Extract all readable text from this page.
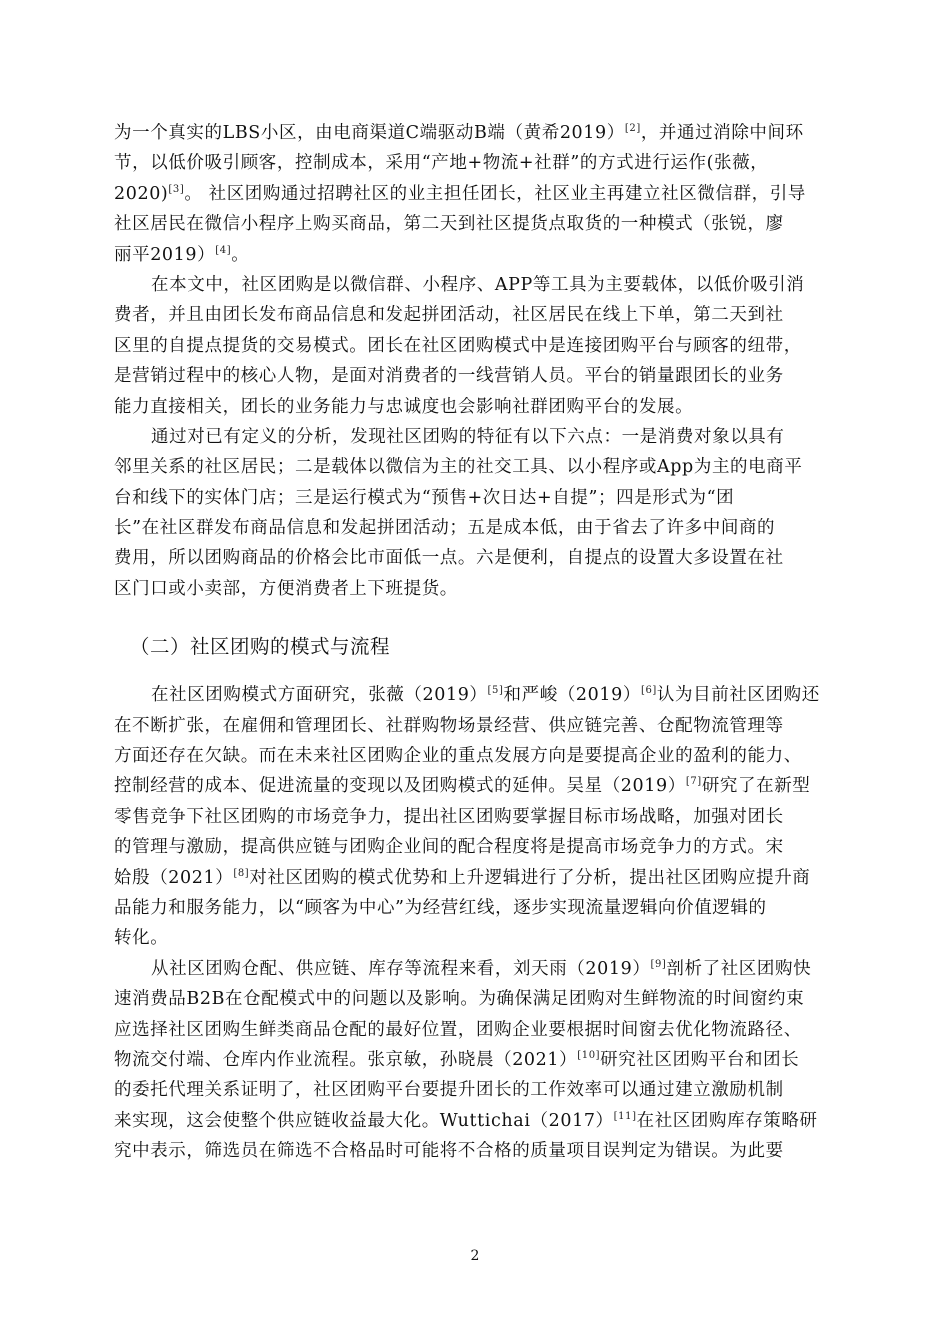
为一个真实的LBS小区，由电商渠道C端驱动B端（黄希2019）[2]，并通过消除中间环
节，以低价吸引顾客，控制成本，采用“产地+物流+社群”的方式进行运作(张薇，
2020)[3]。 社区团购通过招聘社区的业主担任团长，社区业主再建立社区微信群，引导
社区居民在微信小程序上购买商品，第二天到社区提货点取货的一种模式（张锐，廖
丽平2019）[4]。

在本文中，社区团购是以微信群、小程序、APP等工具为主要载体，以低价吸引消
费者，并且由团长发布商品信息和发起拼团活动，社区居民在线上下单，第二天到社
区里的自提点提货的交易模式。团长在社区团购模式中是连接团购平台与顾客的纽带，
是营销过程中的核心人物，是面对消费者的一线营销人员。平台的销量跟团长的业务
能力直接相关，团长的业务能力与忠诚度也会影响社群团购平台的发展。

通过对已有定义的分析，发现社区团购的特征有以下六点：一是消费对象以具有
邻里关系的社区居民；二是载体以微信为主的社交工具、以小程序或App为主的电商平
台和线下的实体门店；三是运行模式为“预售+次日达+自提”；四是形式为“团
长”在社区群发布商品信息和发起拼团活动；五是成本低，由于省去了许多中间商的
费用，所以团购商品的价格会比市面低一点。六是便利，自提点的设置大多设置在社
区门口或小卖部，方便消费者上下班提货。

（二）社区团购的模式与流程

在社区团购模式方面研究，张薇（2019）[5]和严峻（2019）[6]认为目前社区团购还
在不断扩张，在雇佣和管理团长、社群购物场景经营、供应链完善、仓配物流管理等
方面还存在欠缺。而在未来社区团购企业的重点发展方向是要提高企业的盈利的能力、
控制经营的成本、促进流量的变现以及团购模式的延伸。吴星（2019）[7]研究了在新型
零售竞争下社区团购的市场竞争力，提出社区团购要掌握目标市场战略，加强对团长
的管理与激励，提高供应链与团购企业间的配合程度将是提高市场竞争力的方式。宋
姶殷（2021）[8]对社区团购的模式优势和上升逻辑进行了分析，提出社区团购应提升商
品能力和服务能力，以“顾客为中心”为经营红线，逐步实现流量逻辑向价值逻辑的
转化。

从社区团购仓配、供应链、库存等流程来看，刘天雨（2019）[9]剖析了社区团购快
速消费品B2B在仓配模式中的问题以及影响。为确保满足团购对生鲜物流的时间窗约束
应选择社区团购生鲜类商品仓配的最好位置，团购企业要根据时间窗去优化物流路径、
物流交付端、仓库内作业流程。张京敏，孙晓晨（2021）[10]研究社区团购平台和团长
的委托代理关系证明了，社区团购平台要提升团长的工作效率可以通过建立激励机制
来实现，这会使整个供应链收益最大化。Wuttichai（2017）[11]在社区团购库存策略研
究中表示，筛选员在筛选不合格品时可能将不合格的质量项目误判定为错误。为此要

2
